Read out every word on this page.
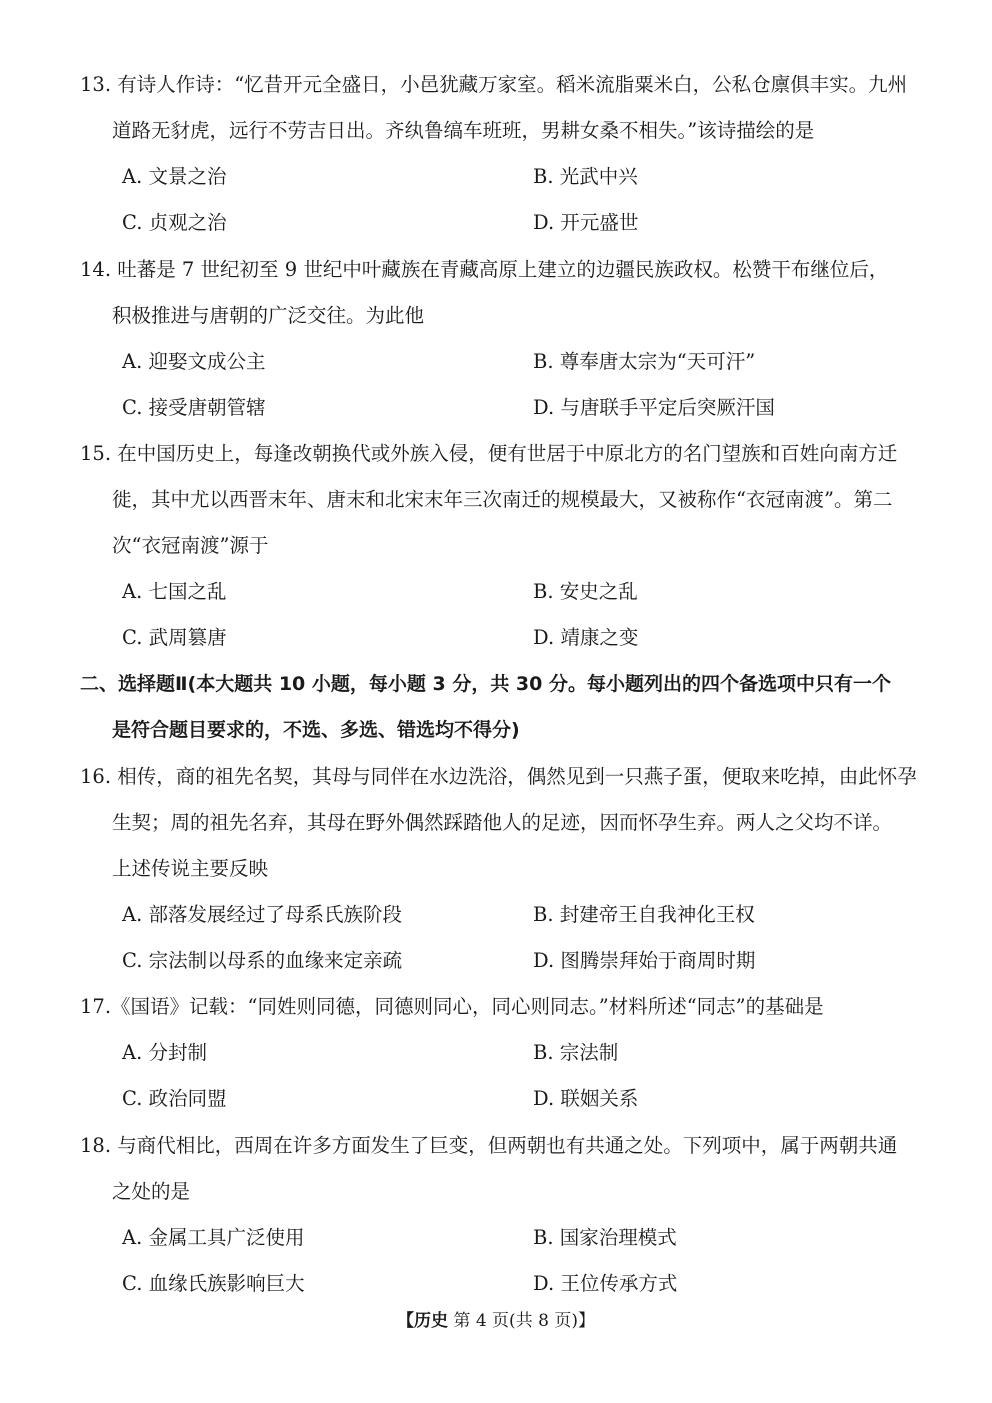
13. 有诗人作诗：“忆昔开元全盛日，小邑犹藏万家室。稻米流脂粟米白，公私仓廪俱丰实。九州
道路无豺虎，远行不劳吉日出。齐纨鲁缟车班班，男耕女桑不相失。”该诗描绘的是
A. 文景之治	B. 光武中兴
C. 贞观之治	D. 开元盛世
14. 吐蕃是 7 世纪初至 9 世纪中叶藏族在青藏高原上建立的边疆民族政权。松赞干布继位后，
积极推进与唐朝的广泛交往。为此他
A. 迎娶文成公主	B. 尊奉唐太宗为“天可汗”
C. 接受唐朝管辖	D. 与唐联手平定后突厥汗国
15. 在中国历史上，每逢改朝换代或外族入侵，便有世居于中原北方的名门望族和百姓向南方迁
徙，其中尤以西晋末年、唐末和北宋末年三次南迁的规模最大，又被称作“衣冠南渡”。第二
次“衣冠南渡”源于
A. 七国之乱	B. 安史之乱
C. 武周篡唐	D. 靖康之变
二、选择题Ⅱ(本大题共 10 小题，每小题 3 分，共 30 分。每小题列出的四个备选项中只有一个
是符合题目要求的，不选、多选、错选均不得分)
16. 相传，商的祖先名契，其母与同伴在水边洗浴，偶然见到一只燕子蛋，便取来吃掉，由此怀孕
生契；周的祖先名弃，其母在野外偶然踩踏他人的足迹，因而怀孕生弃。两人之父均不详。
上述传说主要反映
A. 部落发展经过了母系氏族阶段	B. 封建帝王自我神化王权
C. 宗法制以母系的血缘来定亲疏	D. 图腾崇拜始于商周时期
17.《国语》记载：“同姓则同德，同德则同心，同心则同志。”材料所述“同志”的基础是
A. 分封制	B. 宗法制
C. 政治同盟	D. 联姻关系
18. 与商代相比，西周在许多方面发生了巨变，但两朝也有共通之处。下列项中，属于两朝共通
之处的是
A. 金属工具广泛使用	B. 国家治理模式
C. 血缘氏族影响巨大	D. 王位传承方式
【历史 第 4 页(共 8 页)】
